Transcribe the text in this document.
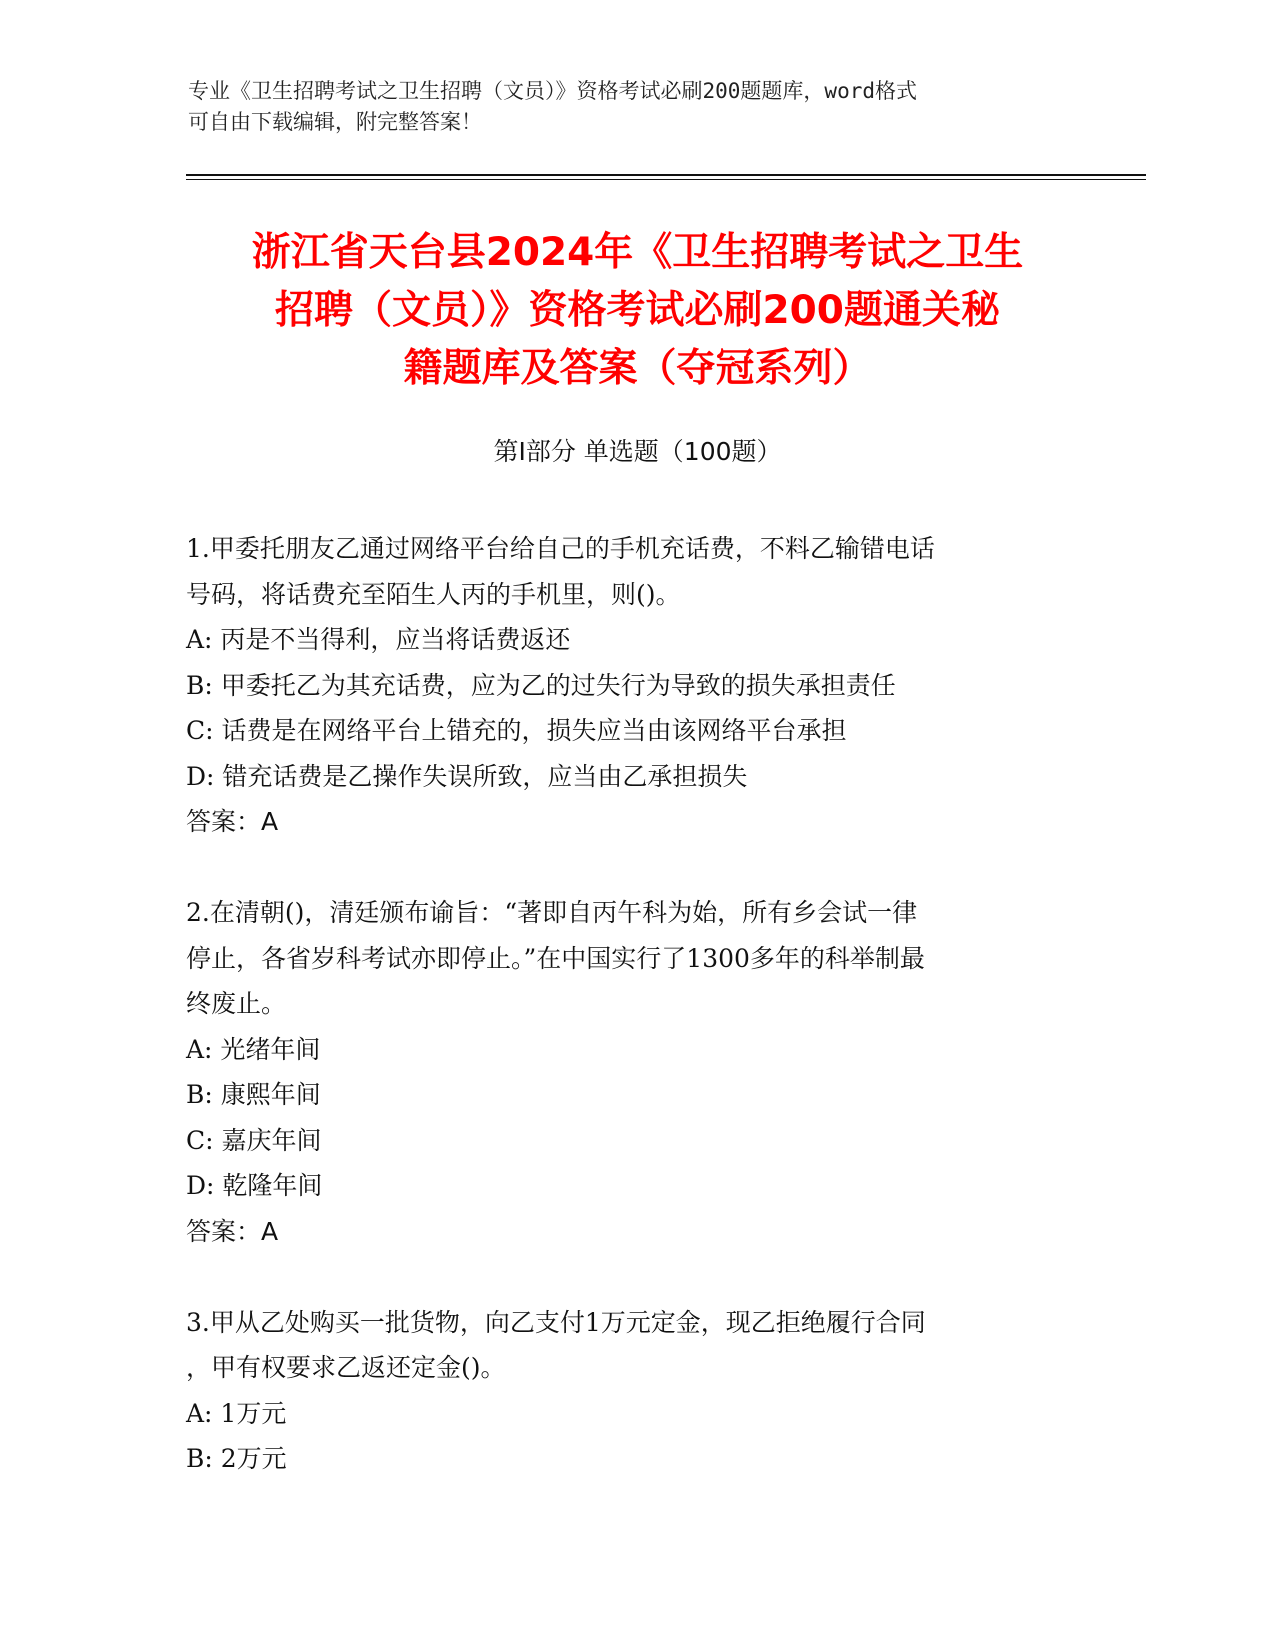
专业《卫生招聘考试之卫生招聘（文员）》资格考试必刷200题题库，word格式
可自由下载编辑，附完整答案！
浙江省天台县2024年《卫生招聘考试之卫生
招聘（文员）》资格考试必刷200题通关秘
籍题库及答案（夺冠系列）
第Ⅰ部分 单选题（100题）
1.甲委托朋友乙通过网络平台给自己的手机充话费，不料乙输错电话
号码，将话费充至陌生人丙的手机里，则()。
A: 丙是不当得利，应当将话费返还
B: 甲委托乙为其充话费，应为乙的过失行为导致的损失承担责任
C: 话费是在网络平台上错充的，损失应当由该网络平台承担
D: 错充话费是乙操作失误所致，应当由乙承担损失
答案：A
2.在清朝()，清廷颁布谕旨：“著即自丙午科为始，所有乡会试一律
停止，各省岁科考试亦即停止。”在中国实行了1300多年的科举制最
终废止。
A: 光绪年间
B: 康熙年间
C: 嘉庆年间
D: 乾隆年间
答案：A
3.甲从乙处购买一批货物，向乙支付1万元定金，现乙拒绝履行合同
，甲有权要求乙返还定金()。
A: 1万元
B: 2万元
